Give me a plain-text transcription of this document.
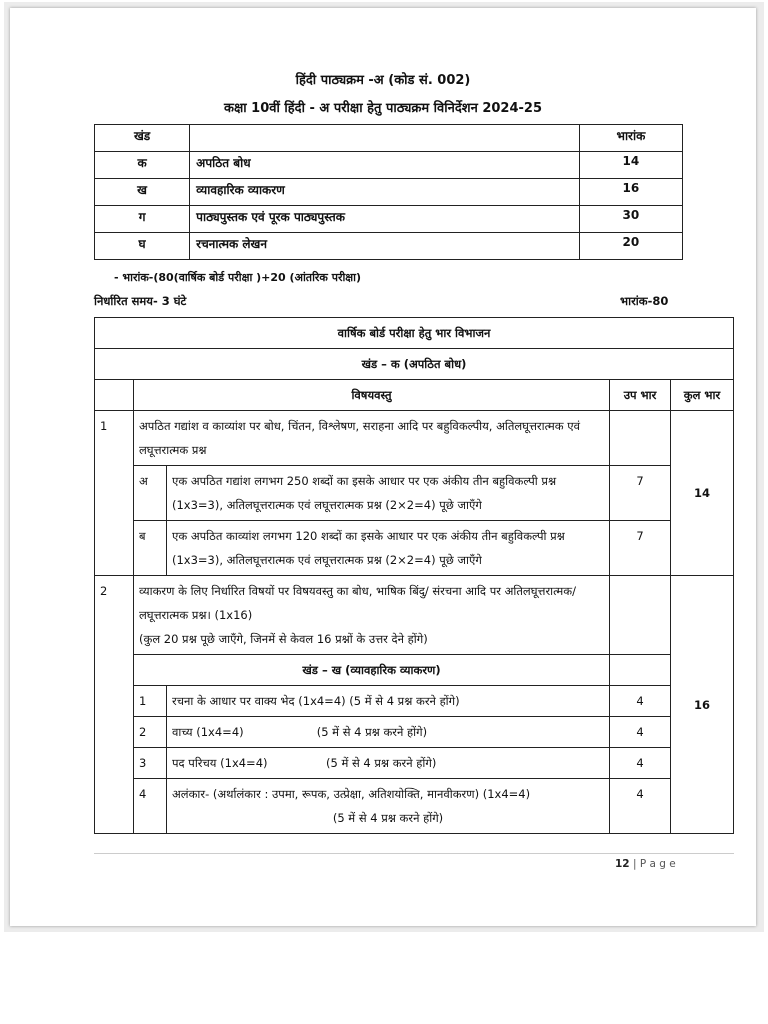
हिंदी पाठ्यक्रम -अ (कोड सं. 002)
कक्षा 10वीं हिंदी - अ परीक्षा हेतु पाठ्यक्रम विनिर्देशन 2024-25
खंड		भारांक
क	अपठित बोध	14
ख	व्यावहारिक व्याकरण	16
ग	पाठ्यपुस्तक एवं पूरक पाठ्यपुस्तक	30
घ	रचनात्मक लेखन	20
- भारांक-(80(वार्षिक बोर्ड परीक्षा )+20 (आंतरिक परीक्षा)
निर्धारित समय- 3 घंटे	भारांक-80
वार्षिक बोर्ड परीक्षा हेतु भार विभाजन				
खंड – क (अपठित बोध)				
	विषयवस्तु		उप भार	कुल भार
1	अपठित गद्यांश व काव्यांश पर बोध, चिंतन, विश्लेषण, सराहना आदि पर बहुविकल्पीय, अतिलघूत्तरात्मक एवं लघूत्तरात्मक प्रश्न			14
	अ	एक अपठित गद्यांश लगभग 250 शब्दों का इसके आधार पर एक अंकीय तीन बहुविकल्पी प्रश्न (1x3=3), अतिलघूत्तरात्मक एवं लघूत्तरात्मक प्रश्न (2×2=4) पूछे जाएँगे	7	
	ब	एक अपठित काव्यांश लगभग 120 शब्दों का इसके आधार पर एक अंकीय तीन बहुविकल्पी प्रश्न (1x3=3), अतिलघूत्तरात्मक एवं लघूत्तरात्मक प्रश्न (2×2=4) पूछे जाएँगे	7	
2	व्याकरण के लिए निर्धारित विषयों पर विषयवस्तु का बोध, भाषिक बिंदु/ संरचना आदि पर अतिलघूत्तरात्मक/लघूत्तरात्मक प्रश्न। (1x16)
(कुल 20 प्रश्न पूछे जाएँगे, जिनमें से केवल 16 प्रश्नों के उत्तर देने होंगे)			16
	खंड – ख (व्यावहारिक व्याकरण)			
	1	रचना के आधार पर वाक्य भेद (1x4=4) (5 में से 4 प्रश्न करने होंगे)	4	
	2	वाच्य (1x4=4)                    (5 में से 4 प्रश्न करने होंगे)	4	
	3	पद परिचय (1x4=4)                (5 में से 4 प्रश्न करने होंगे)	4	
	4	अलंकार- (अर्थालंकार : उपमा, रूपक, उत्प्रेक्षा, अतिशयोक्ति, मानवीकरण) (1x4=4)
(5 में से 4 प्रश्न करने होंगे)	4	
12 | P a g e
